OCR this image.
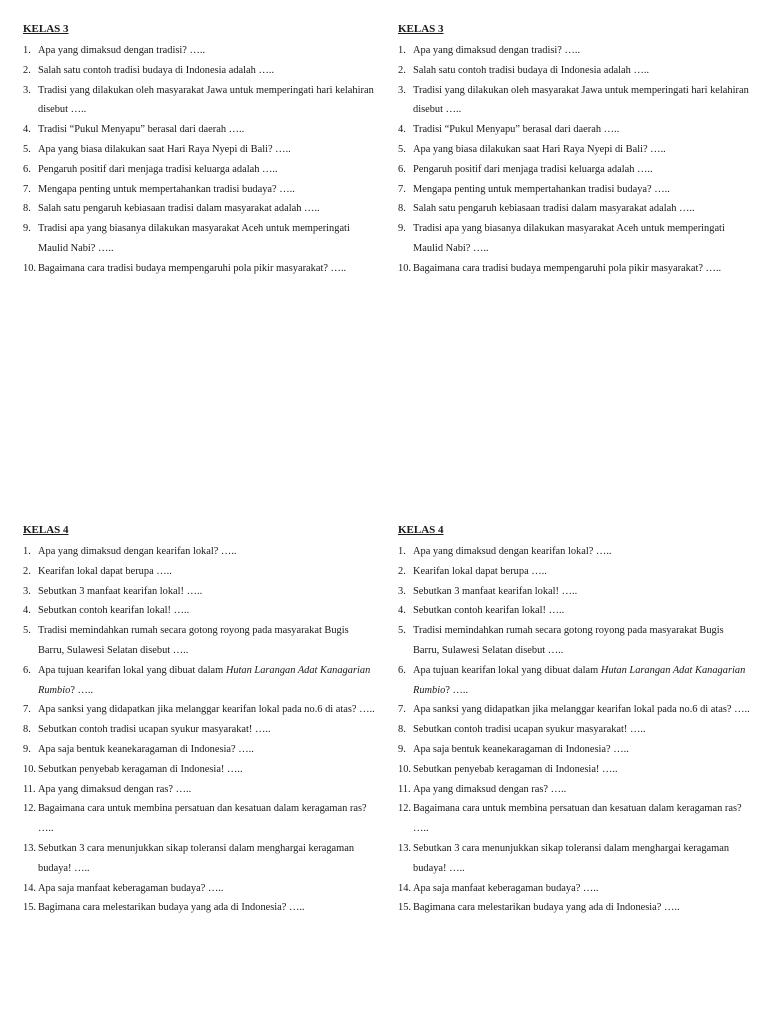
KELAS 3
1. Apa yang dimaksud dengan tradisi? …..
2. Salah satu contoh tradisi budaya di Indonesia adalah …..
3. Tradisi yang dilakukan oleh masyarakat Jawa untuk memperingati hari kelahiran disebut …..
4. Tradisi “Pukul Menyapu” berasal dari daerah …..
5. Apa yang biasa dilakukan saat Hari Raya Nyepi di Bali? …..
6. Pengaruh positif dari menjaga tradisi keluarga adalah …..
7. Mengapa penting untuk mempertahankan tradisi budaya? …..
8. Salah satu pengaruh kebiasaan tradisi dalam masyarakat adalah …..
9. Tradisi apa yang biasanya dilakukan masyarakat Aceh untuk memperingati Maulid Nabi? …..
10. Bagaimana cara tradisi budaya mempengaruhi pola pikir masyarakat? …..
KELAS 3
1. Apa yang dimaksud dengan tradisi? …..
2. Salah satu contoh tradisi budaya di Indonesia adalah …..
3. Tradisi yang dilakukan oleh masyarakat Jawa untuk memperingati hari kelahiran disebut …..
4. Tradisi “Pukul Menyapu” berasal dari daerah …..
5. Apa yang biasa dilakukan saat Hari Raya Nyepi di Bali? …..
6. Pengaruh positif dari menjaga tradisi keluarga adalah …..
7. Mengapa penting untuk mempertahankan tradisi budaya? …..
8. Salah satu pengaruh kebiasaan tradisi dalam masyarakat adalah …..
9. Tradisi apa yang biasanya dilakukan masyarakat Aceh untuk memperingati Maulid Nabi? …..
10. Bagaimana cara tradisi budaya mempengaruhi pola pikir masyarakat? …..
KELAS 4
1. Apa yang dimaksud dengan kearifan lokal? …..
2. Kearifan lokal dapat berupa …..
3. Sebutkan 3 manfaat kearifan lokal! …..
4. Sebutkan contoh kearifan lokal! …..
5. Tradisi memindahkan rumah secara gotong royong pada masyarakat Bugis Barru, Sulawesi Selatan disebut …..
6. Apa tujuan kearifan lokal yang dibuat dalam Hutan Larangan Adat Kanagarian Rumbio? …..
7. Apa sanksi yang didapatkan jika melanggar kearifan lokal pada no.6 di atas? …..
8. Sebutkan contoh tradisi ucapan syukur masyarakat! …..
9. Apa saja bentuk keanekaragaman di Indonesia? …..
10. Sebutkan penyebab keragaman di Indonesia! …..
11. Apa yang dimaksud dengan ras? …..
12. Bagaimana cara untuk membina persatuan dan kesatuan dalam keragaman ras? …..
13. Sebutkan 3 cara menunjukkan sikap toleransi dalam menghargai keragaman budaya! …..
14. Apa saja manfaat keberagaman budaya? …..
15. Bagimana cara melestarikan budaya yang ada di Indonesia? …..
KELAS 4
1. Apa yang dimaksud dengan kearifan lokal? …..
2. Kearifan lokal dapat berupa …..
3. Sebutkan 3 manfaat kearifan lokal! …..
4. Sebutkan contoh kearifan lokal! …..
5. Tradisi memindahkan rumah secara gotong royong pada masyarakat Bugis Barru, Sulawesi Selatan disebut …..
6. Apa tujuan kearifan lokal yang dibuat dalam Hutan Larangan Adat Kanagarian Rumbio? …..
7. Apa sanksi yang didapatkan jika melanggar kearifan lokal pada no.6 di atas? …..
8. Sebutkan contoh tradisi ucapan syukur masyarakat! …..
9. Apa saja bentuk keanekaragaman di Indonesia? …..
10. Sebutkan penyebab keragaman di Indonesia! …..
11. Apa yang dimaksud dengan ras? …..
12. Bagaimana cara untuk membina persatuan dan kesatuan dalam keragaman ras? …..
13. Sebutkan 3 cara menunjukkan sikap toleransi dalam menghargai keragaman budaya! …..
14. Apa saja manfaat keberagaman budaya? …..
15. Bagimana cara melestarikan budaya yang ada di Indonesia? …..
